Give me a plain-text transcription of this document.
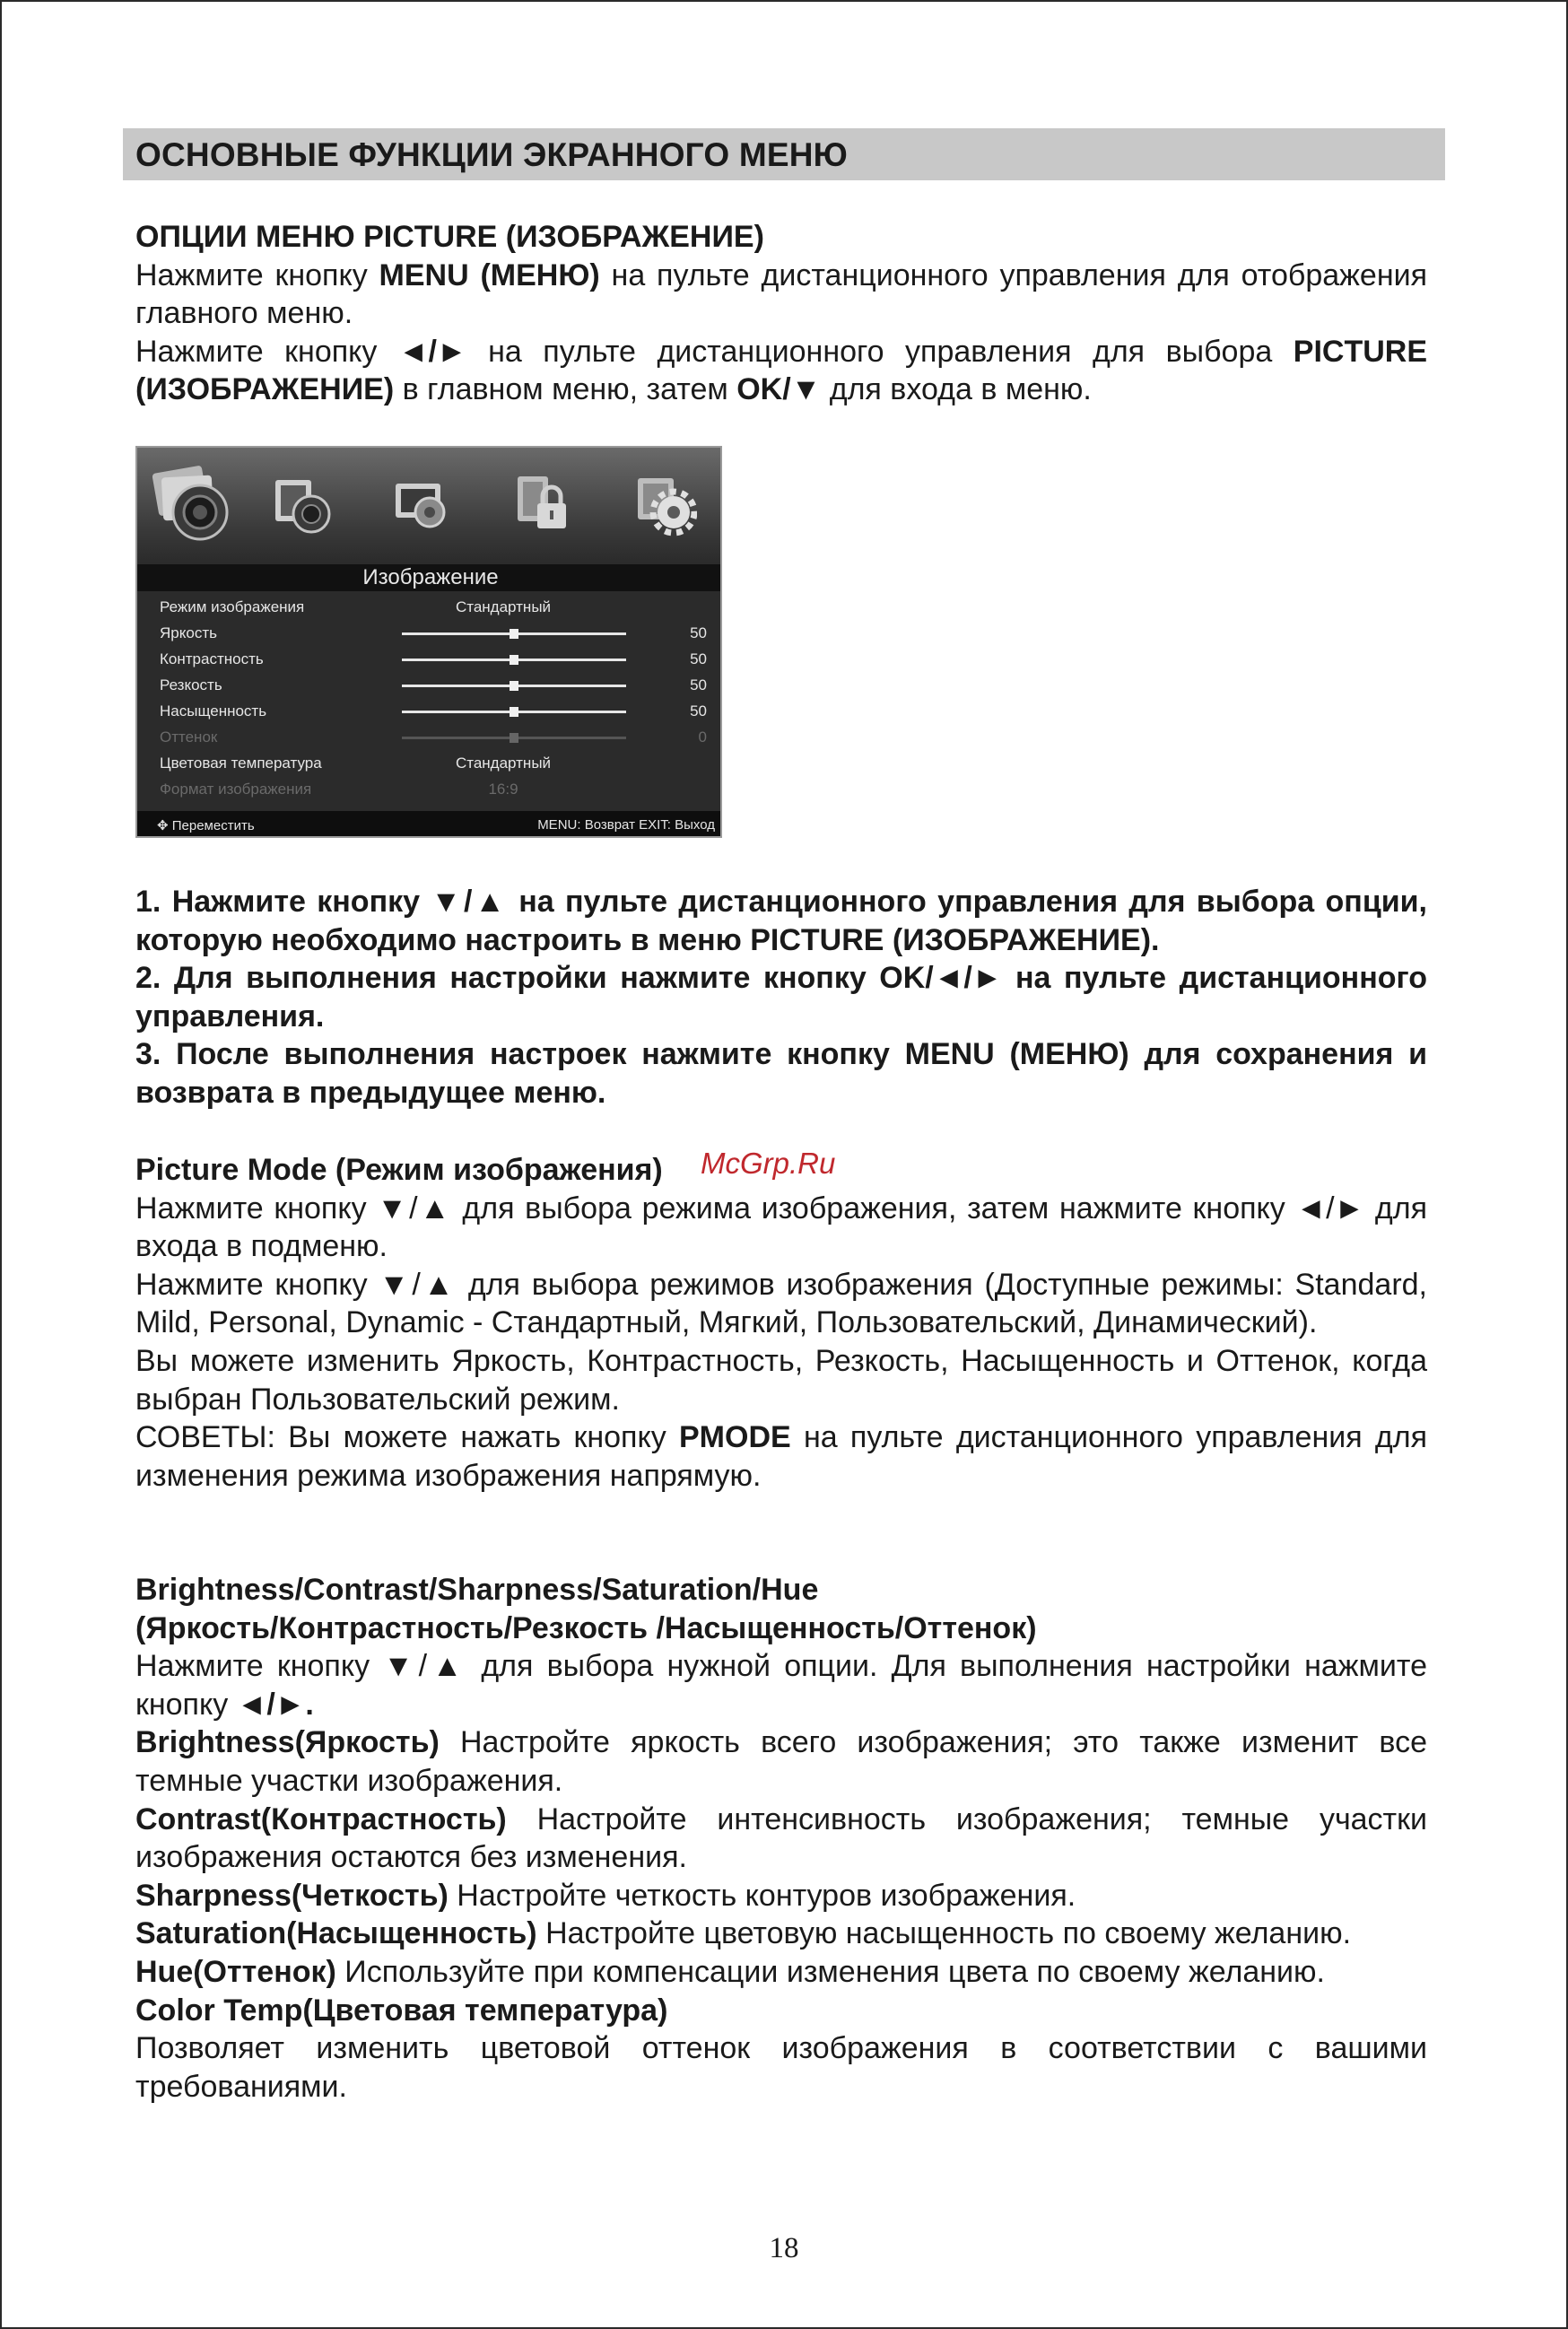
ОСНОВНЫЕ ФУНКЦИИ ЭКРАННОГО МЕНЮ

ОПЦИИ МЕНЮ PICTURE (ИЗОБРАЖЕНИЕ)

Нажмите кнопку MENU (МЕНЮ) на пульте дистанционного управления для отображения главного меню.

Нажмите кнопку ◄/► на пульте дистанционного управления для выбора PICTURE (ИЗОБРАЖЕНИЕ) в главном меню, затем OK/▼ для входа в меню.

Изображение
Режим изображения	Стандартный
Яркость	50
Контрастность	50
Резкость	50
Насыщенность	50
Оттенок	0
Цветовая температура	Стандартный
Формат изображения	16:9
✥ Переместить	MENU: Возврат EXIT: Выход

1. Нажмите кнопку ▼/▲ на пульте дистанционного управления для выбора опции, которую необходимо настроить в меню PICTURE (ИЗОБРАЖЕНИЕ).

2. Для выполнения настройки нажмите кнопку OK/◄/► на пульте дистанционного управления.

3. После выполнения настроек нажмите кнопку MENU (МЕНЮ) для сохранения и возврата в предыдущее меню.

Picture Mode (Режим изображения)

Нажмите кнопку ▼/▲ для выбора режима изображения, затем нажмите кнопку ◄/► для входа в подменю.

Нажмите кнопку ▼/▲ для выбора режимов изображения (Доступные режимы: Standard, Mild, Personal, Dynamic - Стандартный, Мягкий, Пользовательский, Динамический).

Вы можете изменить Яркость, Контрастность, Резкость, Насыщенность и Оттенок, когда выбран Пользовательский режим.

СОВЕТЫ: Вы можете нажать кнопку PMODE на пульте дистанционного управления для изменения режима изображения напрямую.

McGrp.Ru

Brightness/Contrast/Sharpness/Saturation/Hue

(Яркость/Контрастность/Резкость /Насыщенность/Оттенок)

Нажмите кнопку ▼/▲ для выбора нужной опции. Для выполнения настройки нажмите кнопку ◄/►.

Brightness(Яркость) Настройте яркость всего изображения; это также изменит все темные участки изображения.

Contrast(Контрастность) Настройте интенсивность изображения; темные участки изображения остаются без изменения.

Sharpness(Четкость) Настройте четкость контуров изображения.

Saturation(Насыщенность) Настройте цветовую насыщенность по своему желанию.

Hue(Оттенок) Используйте при компенсации изменения цвета по своему желанию.

Color Temp(Цветовая температура)

Позволяет изменить цветовой оттенок изображения в соответствии с вашими требованиями.

18
